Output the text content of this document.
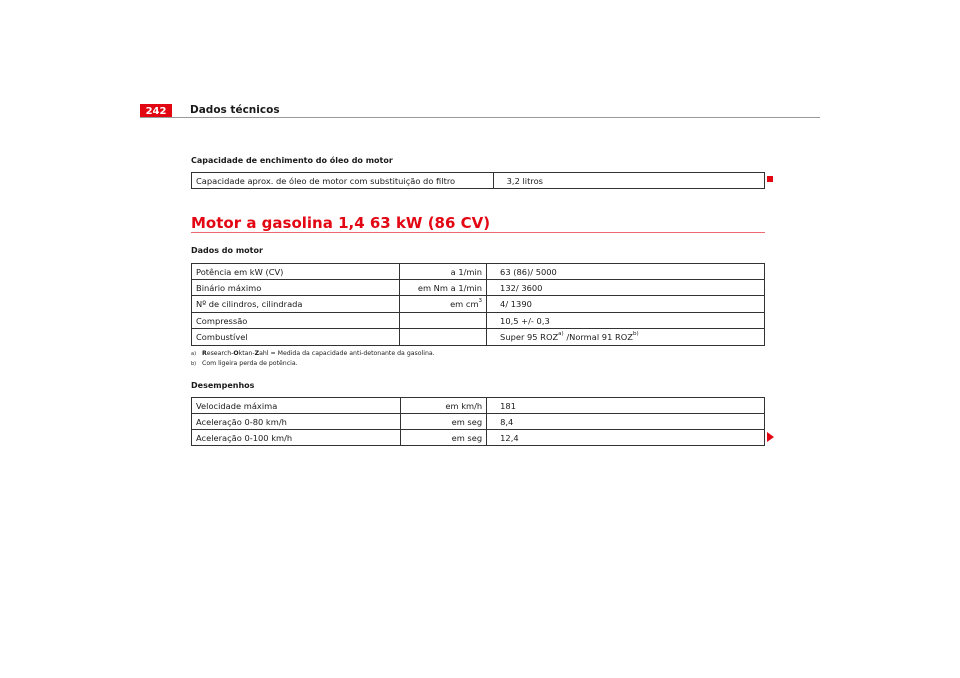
242	Dados técnicos
Capacidade de enchimento do óleo do motor
Capacidade aprox. de óleo de motor com substituição do filtro	3,2 litros
Motor a gasolina 1,4 63 kW (86 CV)
Dados do motor
Potência em kW (CV)	a 1/min	63 (86)/ 5000
Binário máximo	em Nm a 1/min	132/ 3600
Nº de cilindros, cilindrada	em $cm^3$	4/ 1390
Compressão		10,5 +/- 0,3
Combustível		Super 95 ROZ$^{a)}$ /Normal 91 ROZ$^{b)}$
a) Research-Oktan-Zahl = Medida da capacidade anti-detonante da gasolina.
b) Com ligeira perda de potência.
Desempenhos
Velocidade máxima	em km/h	181
Aceleração 0-80 km/h	em seg	8,4
Aceleração 0-100 km/h	em seg	12,4
